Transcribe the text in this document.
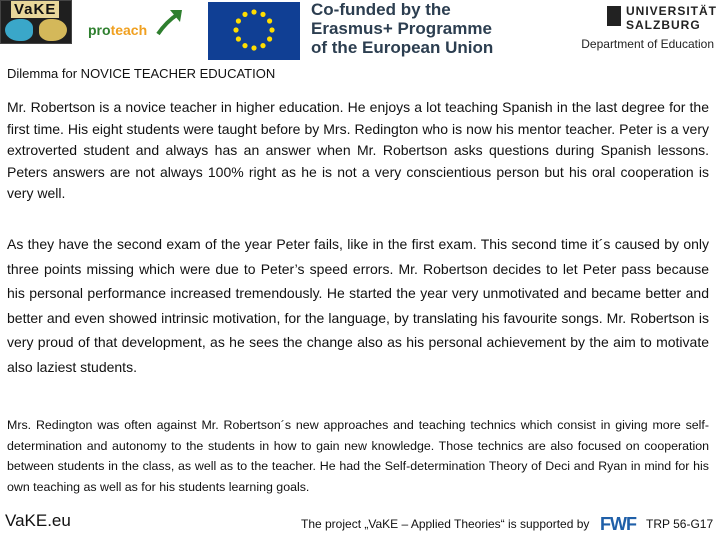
VaKE
proteach
Co-funded by the
Erasmus+ Programme
of the European Union
UNIVERSITÄT
SALZBURG
Department of Education
Dilemma for NOVICE TEACHER EDUCATION

Mr. Robertson is a novice teacher in higher education. He enjoys a lot teaching Spanish in the last degree for the first time. His eight students were taught before by Mrs. Redington who is now his mentor teacher. Peter is a very extroverted student and always has an answer when Mr. Robertson asks questions during Spanish lessons. Peters answers are not always 100% right as he is not a very conscientious person but his oral cooperation is very well.

As they have the second exam of the year Peter fails, like in the first exam. This second time it´s caused by only three points missing which were due to Peter’s speed errors. Mr. Robertson decides to let Peter pass because his personal performance increased tremendously. He started the year very unmotivated and became better and better and even showed intrinsic motivation, for the language, by translating his favourite songs. Mr. Robertson is very proud of that development, as he sees the change also as his personal achievement by the aim to motivate also laziest students.

Mrs. Redington was often against Mr. Robertson´s new approaches and teaching technics which consist in giving more self-determination and autonomy to the students in how to gain new knowledge. Those technics are also focused on cooperation between students in the class, as well as to the teacher. He had the Self-determination Theory of Deci and Ryan in mind for his own teaching as well as for his students learning goals.

VaKE.eu	The project „VaKE – Applied Theories“ is supported by FWF TRP 56-G17
